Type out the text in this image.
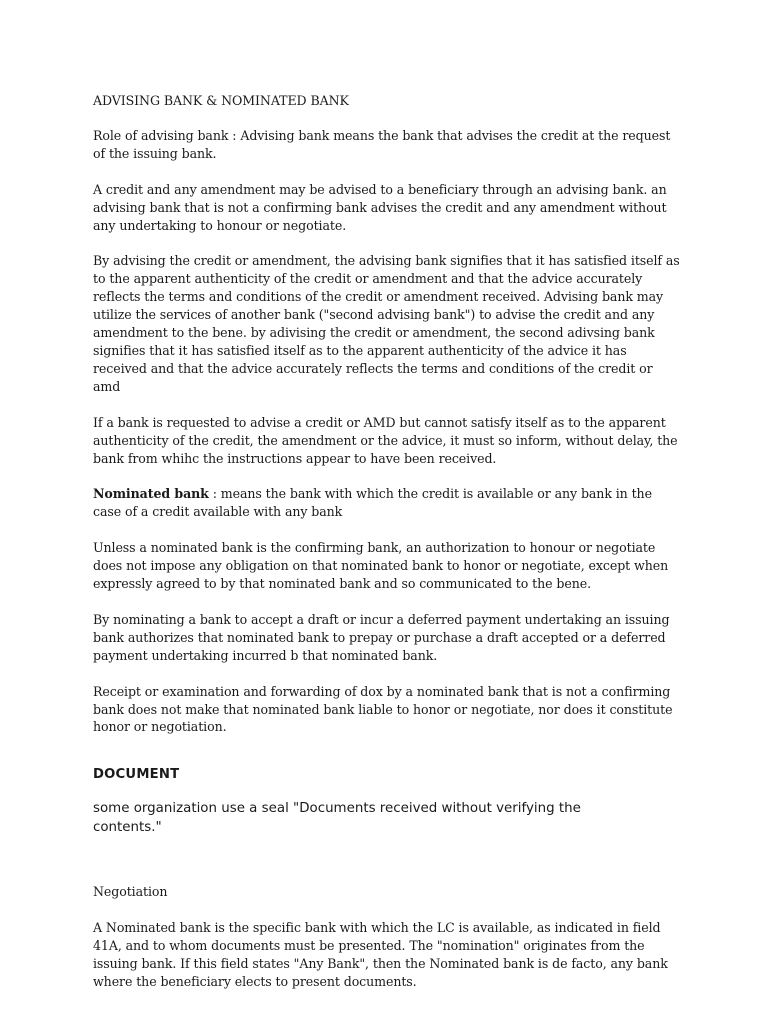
ADVISING BANK & NOMINATED BANK

Role of advising bank : Advising bank means the bank that advises the credit at the request of the issuing bank.

A credit and any amendment may be advised to a beneficiary through an advising bank. an advising bank that is not a confirming bank advises the credit and any amendment without any undertaking to honour or negotiate.

By advising the credit or amendment, the advising bank signifies that it has satisfied itself as to the apparent authenticity of the credit or amendment and that the advice accurately reflects the terms and conditions of the credit or amendment received. Advising bank may utilize the services of another bank ("second advising bank") to advise the credit and any amendment to the bene. by adivising the credit or amendment, the second adivsing bank signifies that it has satisfied itself as to the apparent authenticity of the advice it has received and that the advice accurately reflects the terms and conditions of the credit or amd

If a bank is requested to advise a credit or AMD but cannot satisfy itself as to the apparent authenticity of the credit, the amendment or the advice, it must so inform, without delay, the bank from whihc the instructions appear to have been received.

Nominated bank : means the bank with which the credit is available or any bank in the case of a credit available with any bank

Unless a nominated bank is the confirming bank, an authorization to honour or negotiate does not impose any obligation on that nominated bank to honor or negotiate, except when expressly agreed to by that nominated bank and so communicated to the bene.

By nominating a bank to accept a draft or incur a deferred payment undertaking an issuing bank authorizes that nominated bank to prepay or purchase a draft accepted or a deferred payment undertaking incurred b that nominated bank.

Receipt or examination and forwarding of dox by a nominated bank that is not a confirming bank does not make that nominated bank liable to honor or negotiate, nor does it constitute honor or negotiation.

DOCUMENT

some organization use a seal "Documents received without verifying the contents."

Negotiation

A Nominated bank is the specific bank with which the LC is available, as indicated in field 41A, and to whom documents must be presented. The "nomination" originates from the issuing bank. If this field states "Any Bank", then the Nominated bank is de facto, any bank where the beneficiary elects to present documents.
